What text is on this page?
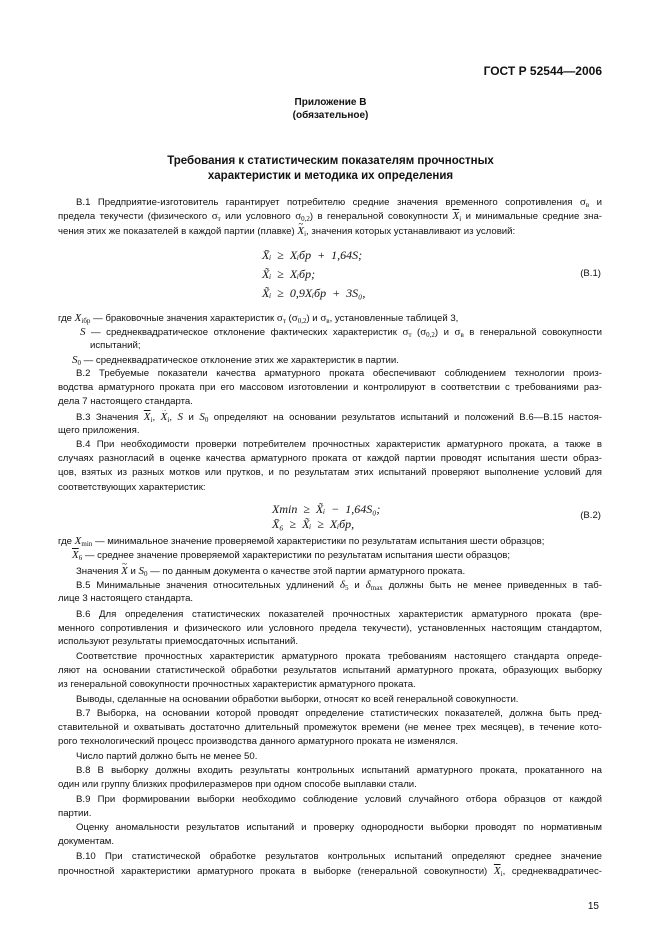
ГОСТ Р 52544—2006
Приложение В
(обязательное)
Требования к статистическим показателям прочностных
характеристик и методика их определения
В.1 Предприятие-изготовитель гарантирует потребителю средние значения временного сопротивления $\sigma_в$ и
предела текучести (физического $\sigma_т$ или условного $\sigma_{0,2}$) в генеральной совокупности $\overline{X}_i$ и минимальные средние зна-
чения этих же показателей в каждой партии (плавке) ~ $X_i$, значения которых устанавливают из условий:
где $X_{iбр}$ — браковочные значения характеристик $\sigma_т$ $(\sigma_{0,2})$ и $\sigma_в$, установленные таблицей 3,
S — среднеквадратическое отклонение фактических характеристик $\sigma_т$ $(\sigma_{0,2})$ и $\sigma_в$ в генеральной совокупности
испытаний;
$S_0$ — среднеквадратическое отклонение этих же характеристик в партии.
В.2 Требуемые показатели качества арматурного проката обеспечивают соблюдением технологии произ-
водства арматурного проката при его массовом изготовлении и контролируют в соответствии с требованиями раз-
дела 7 настоящего стандарта.
В.3 Значения $\overline{X}_i$, ~ $X_i$, S и $S_0$ определяют на основании результатов испытаний и положений В.6—В.15 настоя-
щего приложения.
В.4 При необходимости проверки потребителем прочностных характеристик арматурного проката, а также в
случаях разногласий в оценке качества арматурного проката от каждой партии проводят испытания шести образ-
цов, взятых из разных мотков или прутков, и по результатам этих испытаний проверяют выполнение условий для
соответствующих характеристик:
где $X_{min}$ — минимальное значение проверяемой характеристики по результатам испытания шести образцов;
$\overline{X}_6$ — среднее значение проверяемой характеристики по результатам испытания шести образцов;
Значения ~ X и $S_0$ — по данным документа о качестве этой партии арматурного проката.
В.5 Минимальные значения относительных удлинений $\delta_5$ и $\delta_{max}$ должны быть не менее приведенных в таб-
лице 3 настоящего стандарта.
В.6 Для определения статистических показателей прочностных характеристик арматурного проката (вре-
менного сопротивления и физического или условного предела текучести), установленных настоящим стандартом,
используют результаты приемосдаточных испытаний.
Соответствие прочностных характеристик арматурного проката требованиям настоящего стандарта опреде-
ляют на основании статистической обработки результатов испытаний арматурного проката, образующих выборку
из генеральной совокупности прочностных характеристик арматурного проката.
Выводы, сделанные на основании обработки выборки, относят ко всей генеральной совокупности.
В.7 Выборка, на основании которой проводят определение статистических показателей, должна быть пред-
ставительной и охватывать достаточно длительный промежуток времени (не менее трех месяцев), в течение кото-
рого технологический процесс производства данного арматурного проката не изменялся.
Число партий должно быть не менее 50.
В.8 В выборку должны входить результаты контрольных испытаний арматурного проката, прокатанного на
один или группу близких профилеразмеров при одном способе выплавки стали.
В.9 При формировании выборки необходимо соблюдение условий случайного отбора образцов от каждой
партии.
Оценку аномальности результатов испытаний и проверку однородности выборки проводят по нормативным
документам.
В.10 При статистической обработке результатов контрольных испытаний определяют среднее значение
прочностной характеристики арматурного проката в выборке (генеральной совокупности) $\overline{X}_i$, среднеквадратичес-
X̄ᵢ ≥ Xᵢбр + 1,64S;
X̃ᵢ ≥ Xᵢбр;
X̃ᵢ ≥ 0,9Xᵢбр + 3S₀,
(В.1)
Xmin ≥ X̃ᵢ − 1,64S₀;
X̄₆ ≥ X̃ᵢ ≥ Xᵢбр,
(В.2)
15
